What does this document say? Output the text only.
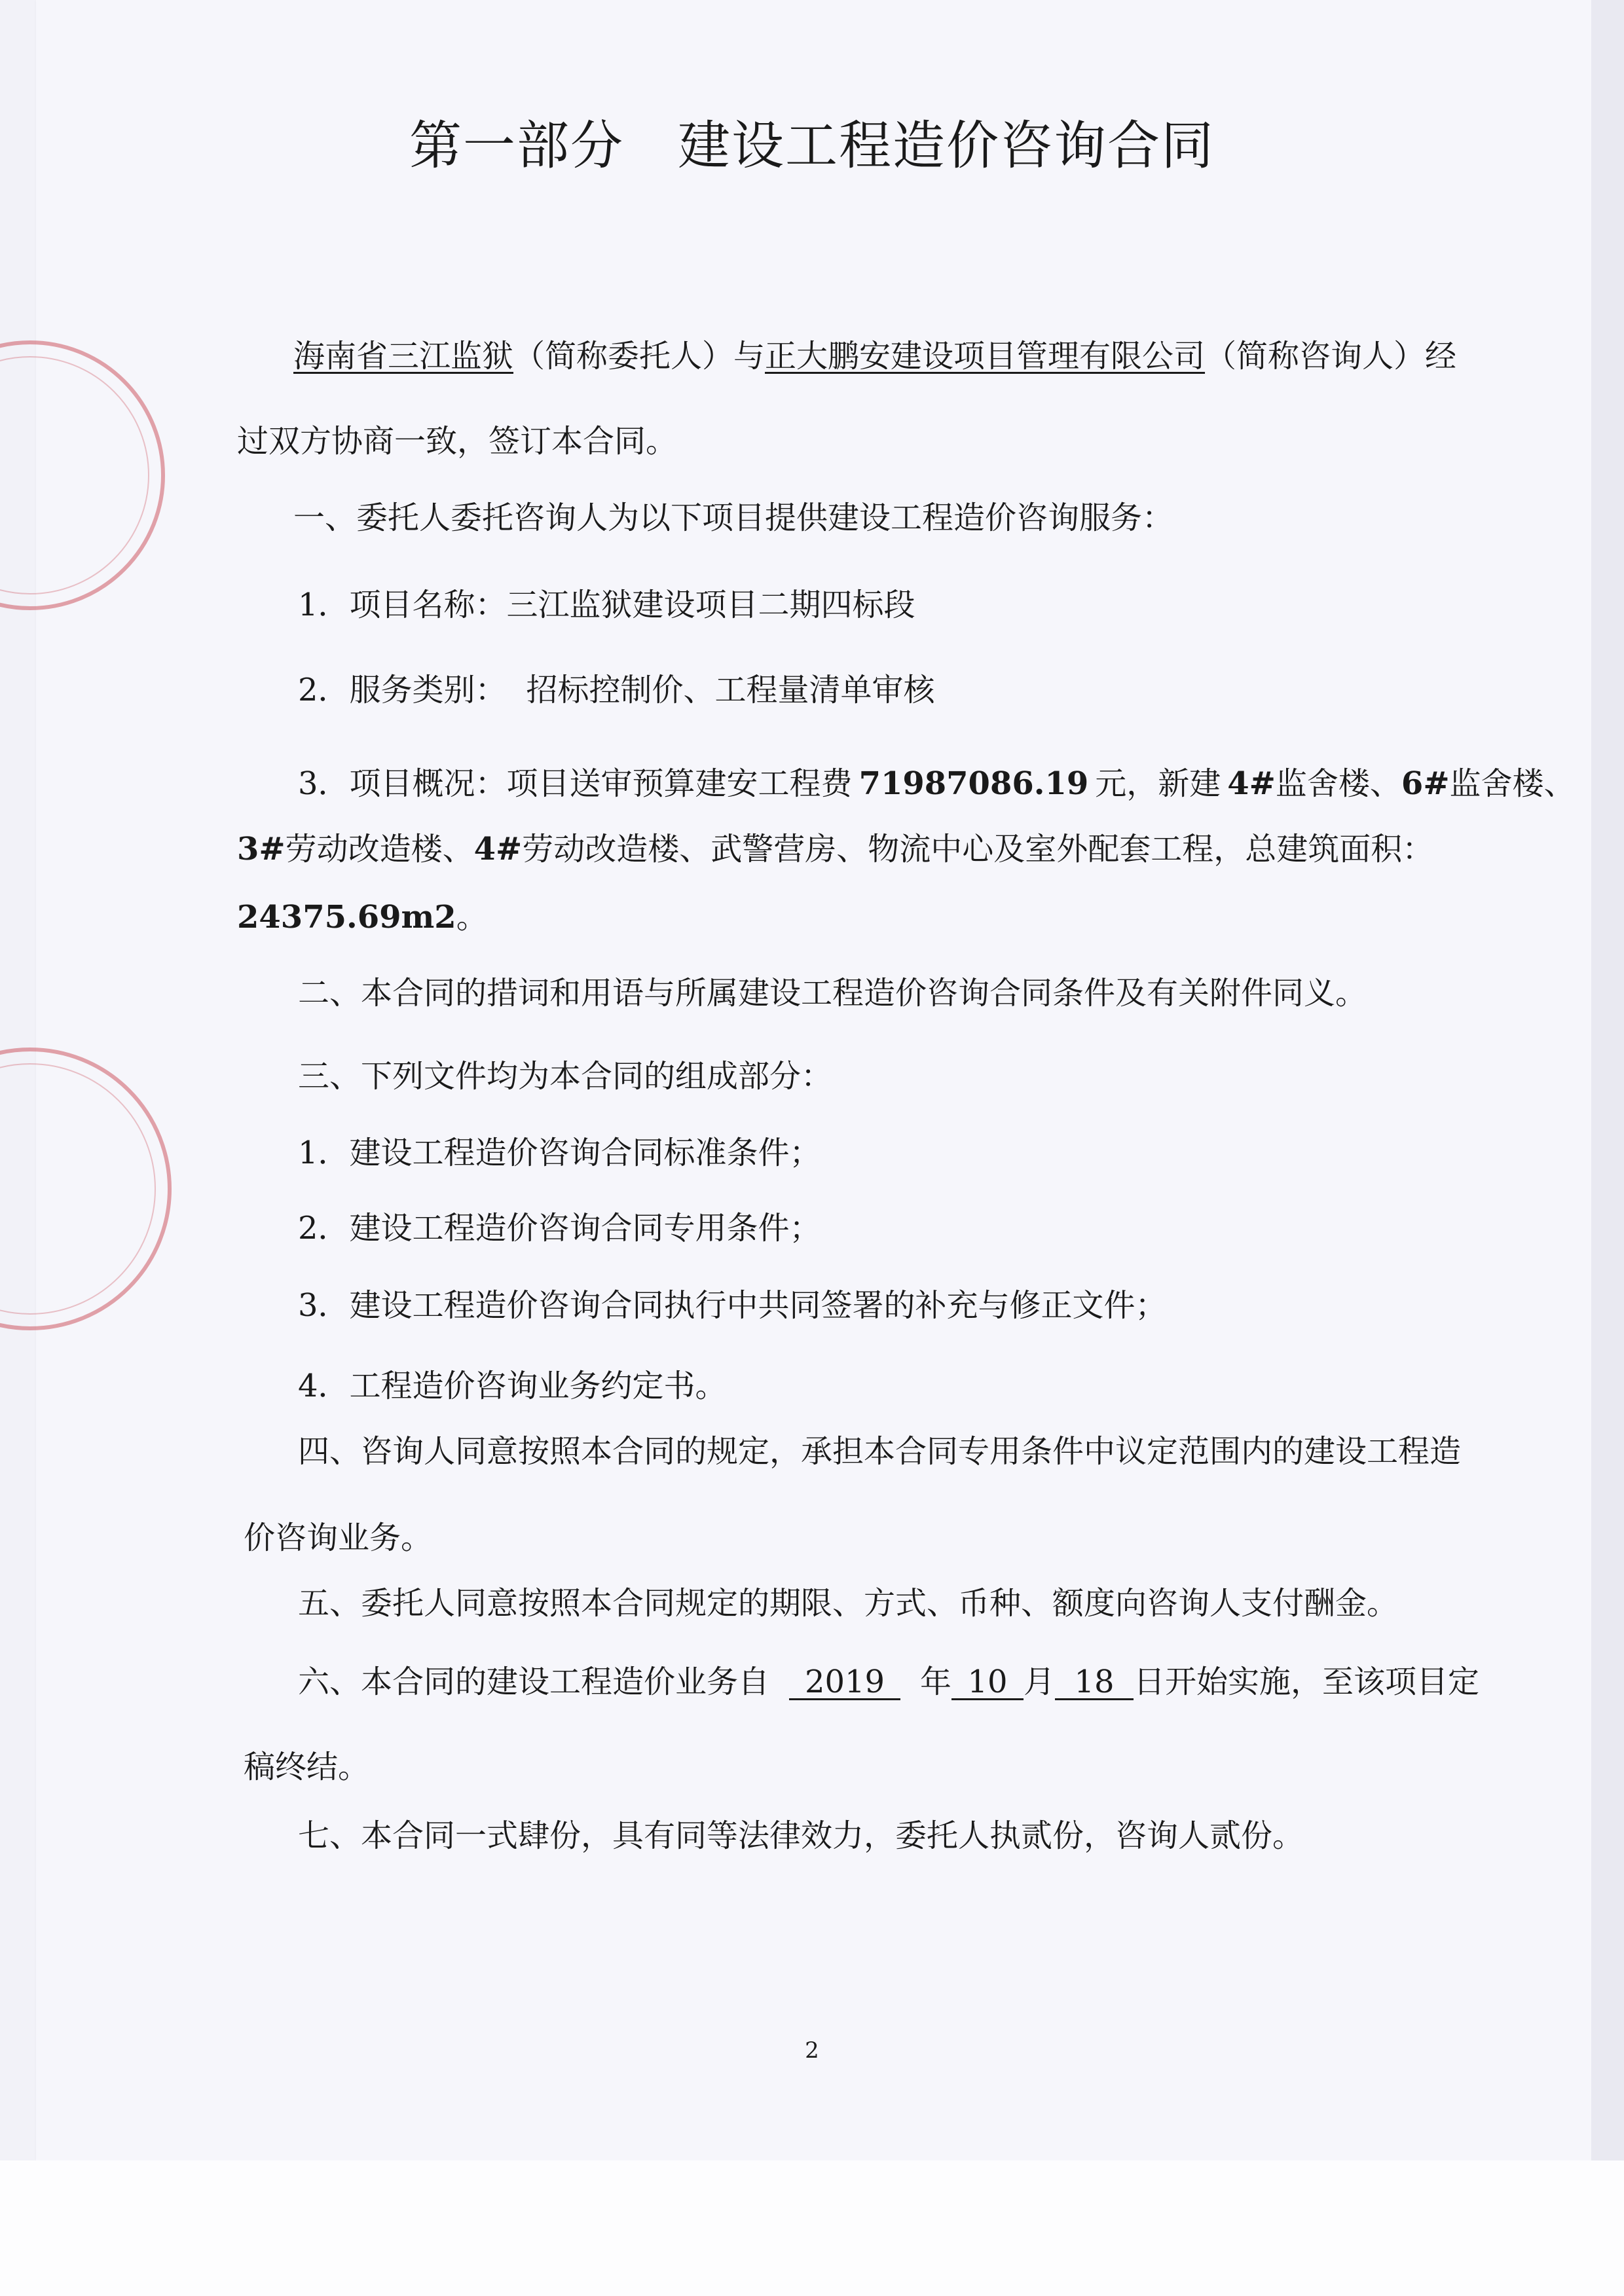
第一部分　建设工程造价咨询合同
海南省三江监狱（简称委托人）与正大鹏安建设项目管理有限公司（简称咨询人）经
过双方协商一致，签订本合同。
一、委托人委托咨询人为以下项目提供建设工程造价咨询服务：
1．项目名称：三江监狱建设项目二期四标段
2．服务类别： 招标控制价、工程量清单审核
3．项目概况：项目送审预算建安工程费 71987086.19 元，新建 4#监舍楼、6#监舍楼、
3#劳动改造楼、4#劳动改造楼、武警营房、物流中心及室外配套工程，总建筑面积：
24375.69m2。
二、本合同的措词和用语与所属建设工程造价咨询合同条件及有关附件同义。
三、下列文件均为本合同的组成部分：
1．建设工程造价咨询合同标准条件；
2．建设工程造价咨询合同专用条件；
3．建设工程造价咨询合同执行中共同签署的补充与修正文件；
4．工程造价咨询业务约定书。
四、咨询人同意按照本合同的规定，承担本合同专用条件中议定范围内的建设工程造
价咨询业务。
五、委托人同意按照本合同规定的期限、方式、币种、额度向咨询人支付酬金。
六、本合同的建设工程造价业务自 2019 年 10 月 18 日开始实施，至该项目定
稿终结。
七、本合同一式肆份，具有同等法律效力，委托人执贰份，咨询人贰份。
2
